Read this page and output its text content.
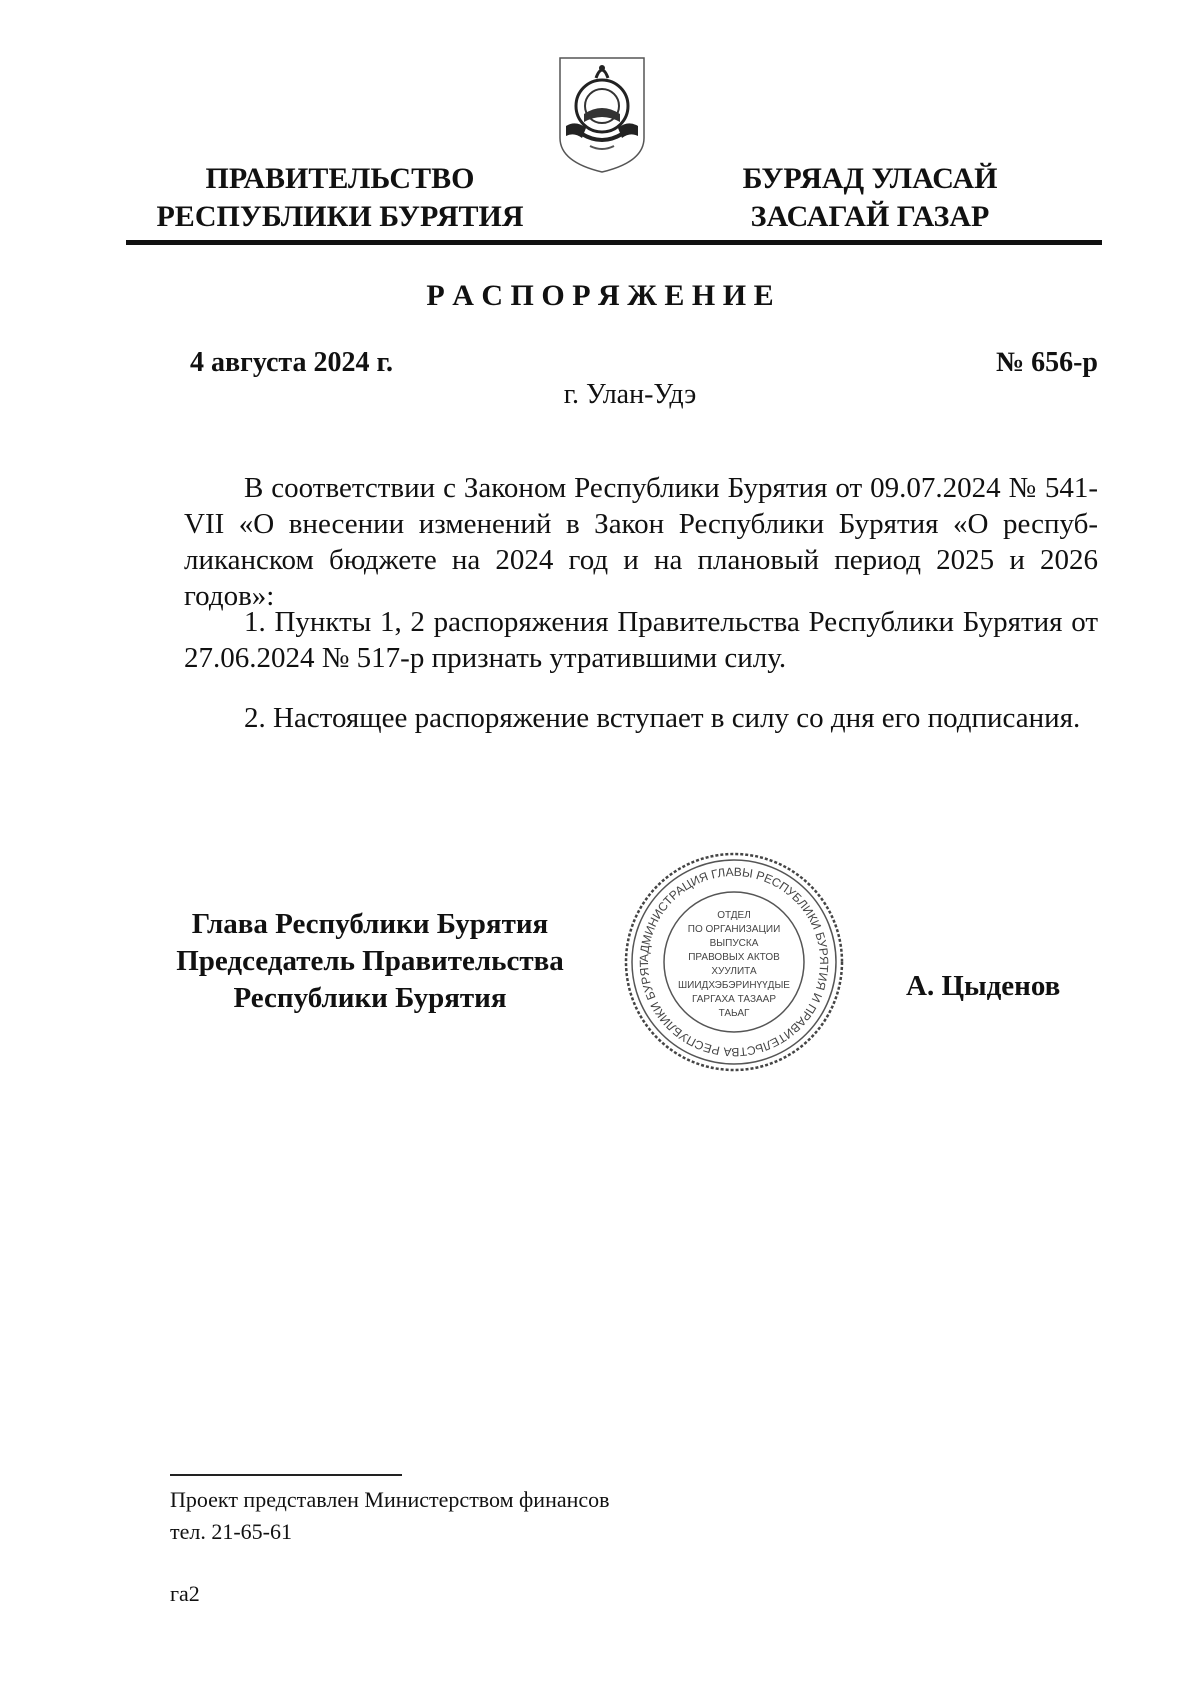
ПРАВИТЕЛЬСТВО
РЕСПУБЛИКИ БУРЯТИЯ
БУРЯАД УЛАСАЙ
ЗАСАГАЙ ГАЗАР
Р А С П О Р Я Ж Е Н И Е
4 августа 2024 г.	№ 656-р
г. Улан-Удэ
В соответствии с Законом Республики Бурятия от 09.07.2024 № 541-VII «О внесении изменений в Закон Республики Бурятия «О респуб-ликанском бюджете на 2024 год и на плановый период 2025 и 2026 годов»:
1. Пункты 1, 2 распоряжения Правительства Республики Бурятия от 27.06.2024 № 517-р признать утратившими силу.
2. Настоящее распоряжение вступает в силу со дня его подписания.
Глава Республики Бурятия
Председатель Правительства
Республики Бурятия
АДМИНИСТРАЦИЯ ГЛАВЫ РЕСПУБЛИКИ БУРЯТИЯ И ПРАВИТЕЛЬСТВА РЕСПУБЛИКИ БУРЯТ
ОТДЕЛ
ПО ОРГАНИЗАЦИИ
ВЫПУСКА
ПРАВОВЫХ АКТОВ
ХУУЛИТА
ШИИДХЭБЭРИНҮҮДЫЕ
ГАРГАХА ТАЗААР
ТАЬАГ
А. Цыденов
Проект представлен Министерством финансов
тел. 21-65-61
га2
